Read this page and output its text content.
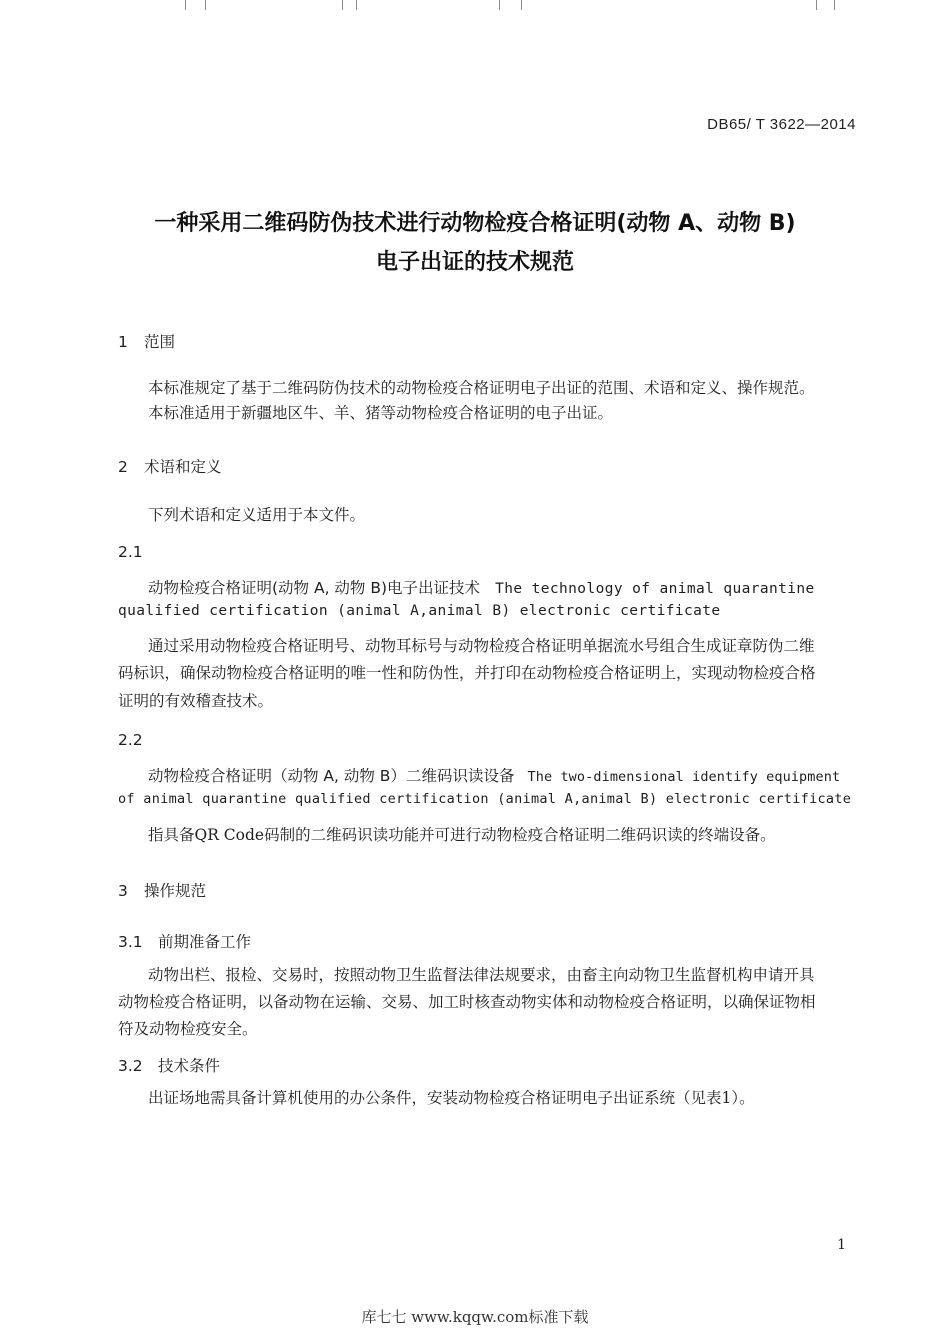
DB65/ T 3622—2014
一种采用二维码防伪技术进行动物检疫合格证明(动物 A、动物 B)
电子出证的技术规范
1 范围
本标准规定了基于二维码防伪技术的动物检疫合格证明电子出证的范围、术语和定义、操作规范。
本标准适用于新疆地区牛、羊、猪等动物检疫合格证明的电子出证。
2 术语和定义
下列术语和定义适用于本文件。
2.1
动物检疫合格证明(动物 A, 动物 B)电子出证技术 The technology of animal quarantine
qualified certification (animal A,animal B) electronic certificate
通过采用动物检疫合格证明号、动物耳标号与动物检疫合格证明单据流水号组合生成证章防伪二维
码标识，确保动物检疫合格证明的唯一性和防伪性，并打印在动物检疫合格证明上，实现动物检疫合格
证明的有效稽查技术。
2.2
动物检疫合格证明（动物 A, 动物 B）二维码识读设备 The two-dimensional identify equipment
of animal quarantine qualified certification (animal A,animal B) electronic certificate
指具备QR Code码制的二维码识读功能并可进行动物检疫合格证明二维码识读的终端设备。
3 操作规范
3.1 前期准备工作
动物出栏、报检、交易时，按照动物卫生监督法律法规要求，由畜主向动物卫生监督机构申请开具
动物检疫合格证明，以备动物在运输、交易、加工时核查动物实体和动物检疫合格证明，以确保证物相
符及动物检疫安全。
3.2 技术条件
出证场地需具备计算机使用的办公条件，安装动物检疫合格证明电子出证系统（见表1）。
1
库七七 www.kqqw.com标准下载
